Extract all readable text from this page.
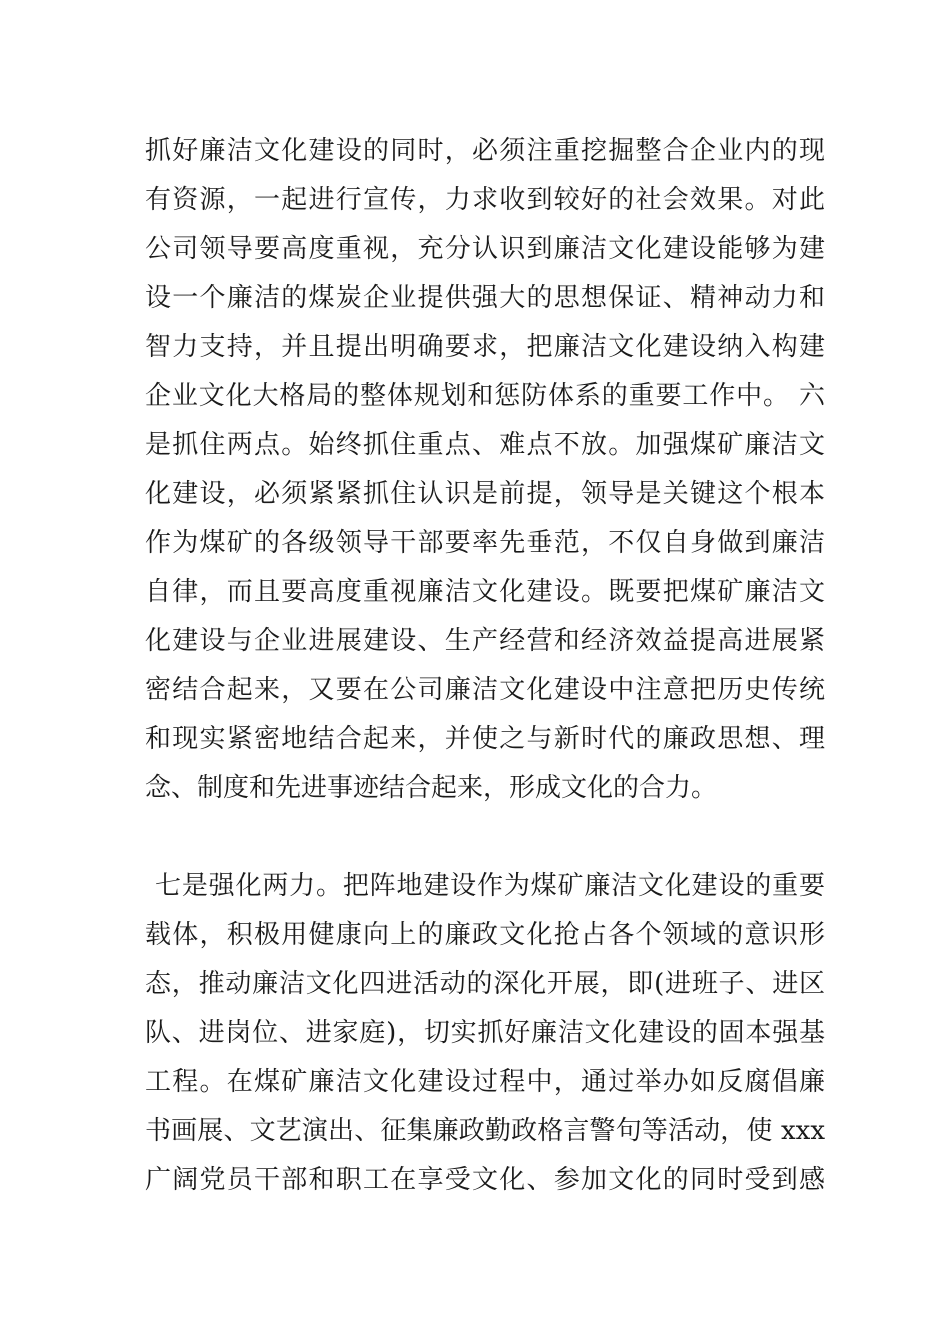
抓好廉洁文化建设的同时，必须注重挖掘整合企业内的现
有资源，一起进行宣传，力求收到较好的社会效果。对此
公司领导要高度重视，充分认识到廉洁文化建设能够为建
设一个廉洁的煤炭企业提供强大的思想保证、精神动力和
智力支持，并且提出明确要求，把廉洁文化建设纳入构建
企业文化大格局的整体规划和惩防体系的重要工作中。 六
是抓住两点。始终抓住重点、难点不放。加强煤矿廉洁文
化建设，必须紧紧抓住认识是前提，领导是关键这个根本
作为煤矿的各级领导干部要率先垂范，不仅自身做到廉洁
自律，而且要高度重视廉洁文化建设。既要把煤矿廉洁文
化建设与企业进展建设、生产经营和经济效益提高进展紧
密结合起来，又要在公司廉洁文化建设中注意把历史传统
和现实紧密地结合起来，并使之与新时代的廉政思想、理
念、制度和先进事迹结合起来，形成文化的合力。
七是强化两力。把阵地建设作为煤矿廉洁文化建设的重要
载体，积极用健康向上的廉政文化抢占各个领域的意识形
态，推动廉洁文化四进活动的深化开展，即(进班子、进区
队、进岗位、进家庭)，切实抓好廉洁文化建设的固本强基
工程。在煤矿廉洁文化建设过程中，通过举办如反腐倡廉
书画展、文艺演出、征集廉政勤政格言警句等活动，使 xxx
广阔党员干部和职工在享受文化、参加文化的同时受到感
